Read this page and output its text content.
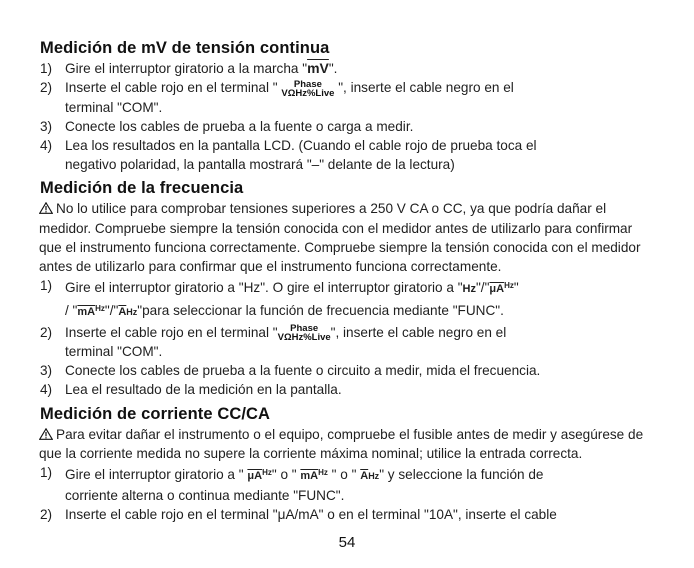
Medición de mV de tensión continua
1) Gire el interruptor giratorio a la marcha "$\overline{mV}$".
2) Inserte el cable rojo en el terminal "	Phase
VΩHz%Live ", inserte el cable negro en el
terminal "COM".
3) Conecte los cables de prueba a la fuente o carga a medir.
4) Lea los resultados en la pantalla LCD. (Cuando el cable rojo de prueba toca el
negativo polaridad, la pantalla mostrará "–" delante de la lectura)
Medición de la frecuencia
No lo utilice para comprobar tensiones superiores a 250 V CA o CC, ya que podría dañar el medidor. Compruebe siempre la tensión conocida con el medidor antes de utilizarlo para confirmar que el instrumento funciona correctamente. Compruebe siempre la tensión conocida con el medidor antes de utilizarlo para confirmar que el instrumento funciona correctamente.
1) Gire el interruptor giratorio a "Hz". O gire el interruptor giratorio a "$Hz"/"\overline{\mu A}^{Hz}$"
/ "$\overline{mA}^{Hz}"/"\overline{A}Hz"para$ seleccionar la función de frecuencia mediante "FUNC".
2) Inserte el cable rojo en el terminal "	Phase
VΩHz%Live ", inserte el cable negro en el
terminal "COM".
3) Conecte los cables de prueba a la fuente o circuito a medir, mida el frecuencia.
4) Lea el resultado de la medición en la pantalla.
Medición de corriente CC/CA
Para evitar dañar el instrumento o el equipo, compruebe el fusible antes de medir y asegúrese de que la corriente medida no supere la corriente máxima nominal; utilice la entrada correcta.
1) Gire el interruptor giratorio a " $\overline{\mu A}^{Hz}$" o " $\overline{mA}^{Hz}$ " o " $\overline{A}Hz$" y seleccione la función de
corriente alterna o continua mediante "FUNC".
2) Inserte el cable rojo en el terminal "μA/mA" o en el terminal "10A", inserte el cable
54
